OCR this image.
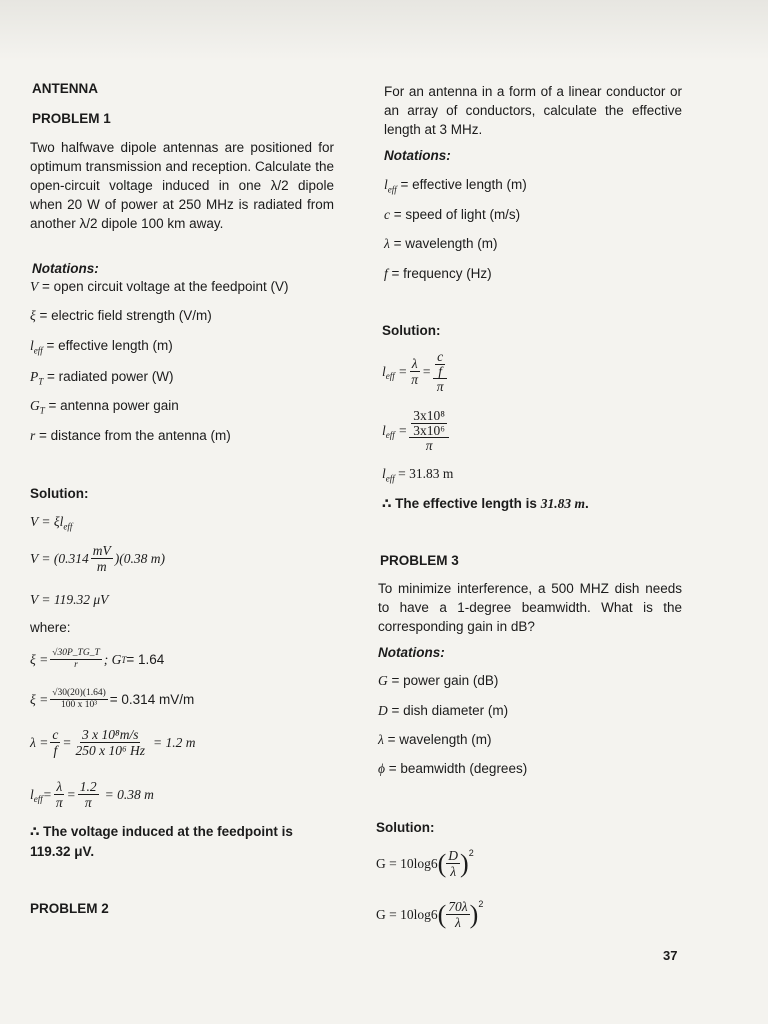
ANTENNA
PROBLEM 1
Two halfwave dipole antennas are positioned for optimum transmission and reception. Calculate the open-circuit voltage induced in one λ/2 dipole when 20 W of power at 250 MHz is radiated from another λ/2 dipole 100 km away.
Notations:
V = open circuit voltage at the feedpoint (V)
ξ = electric field strength (V/m)
$l_{eff}$ = effective length (m)
$P_T$ = radiated power (W)
$G_T$ = antenna power gain
r = distance from the antenna (m)
Solution:
$V = \xi l_{eff}$
$V = (0.314 \frac{mV}{m} )(0.38$ m)
V = 119.32 μV
where:
$\xi = \frac{√30P\_TG\_T}{r}$ ; G T = 1.64
$\xi = \frac{√30(20)(1.64)}{\text{100 x 10³}} = 0.314$ mV/m
$\lambda = \frac{c}{f} = \frac{\text{3 x 10⁸m/s}}{\text{250 x 10⁶ Hz}} = 1.2$ m
$l_{eff} = \frac{\lambda}{\pi} = \frac{1.2}{\pi} = 0.38$ m
∴ The voltage induced at the feedpoint is
119.32 μV.
PROBLEM 2
For an antenna in a form of a linear conductor or an array of conductors, calculate the effective length at 3 MHz.
Notations:
$l_{eff}$ = effective length (m)
c = speed of light (m/s)
λ = wavelength (m)
f = frequency (Hz)
Solution:
$l_{eff} = \frac{\lambda}{\pi} = \frac{\frac{c}{f}}{\pi}$
$l_{eff} = \frac{\frac{\text{3x10⁸}}{\text{3x10⁶}}}{\pi}$
$l_{eff} = 31.83$ m
∴ The effective length is 31.83 m.
PROBLEM 3
To minimize interference, a 500 MHZ dish needs to have a 1-degree beamwidth. What is the corresponding gain in dB?
Notations:
G = power gain (dB)
D = dish diameter (m)
λ = wavelength (m)
ϕ = beamwidth (degrees)
Solution:
G = 10log6 ( $\frac{D}{\lambda}$ ) 2
G = 10log6 ( $\frac{70\lambda}{\lambda}$ ) 2
37
